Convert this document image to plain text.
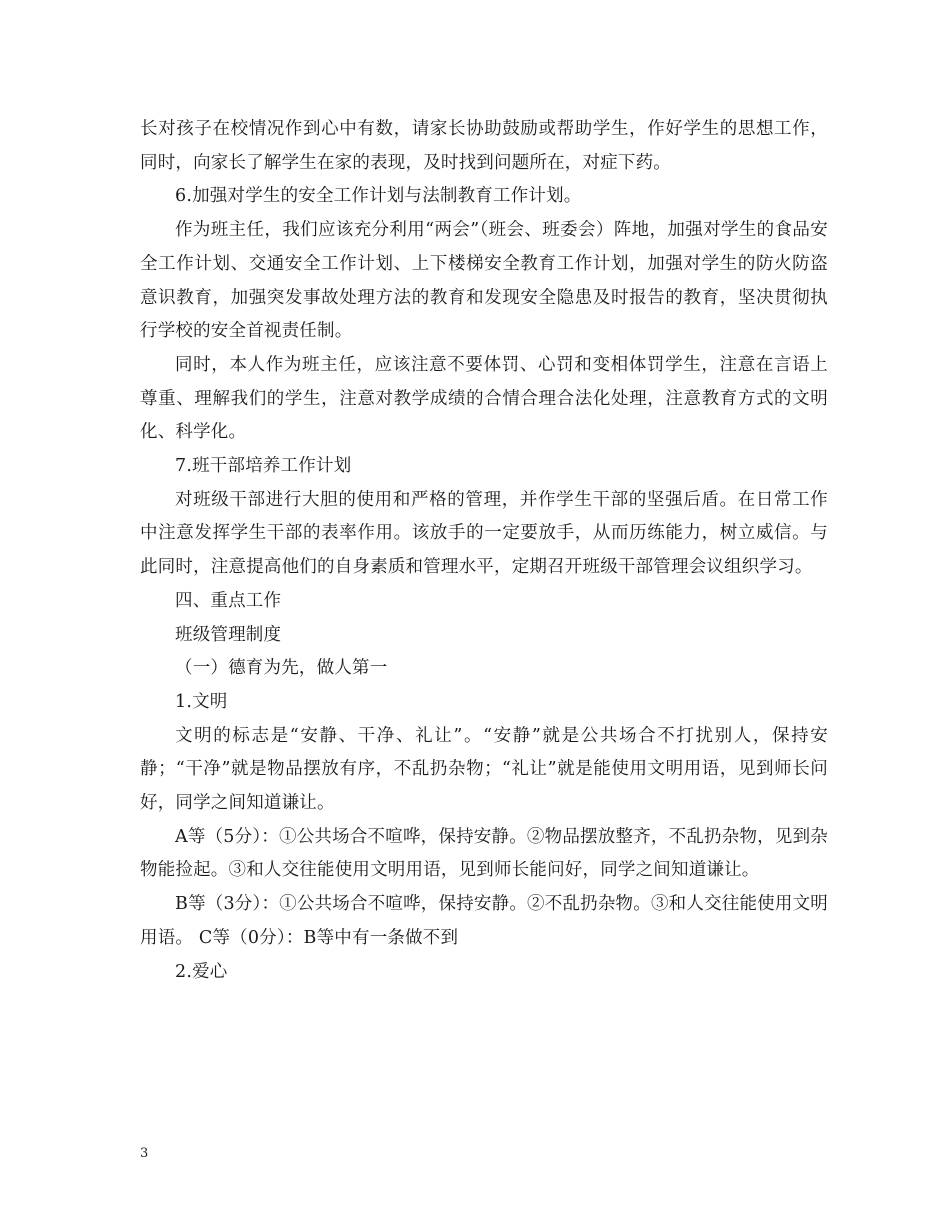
长对孩子在校情况作到心中有数，请家长协助鼓励或帮助学生，作好学生的思想工作，同时，向家长了解学生在家的表现，及时找到问题所在，对症下药。

6.加强对学生的安全工作计划与法制教育工作计划。

作为班主任，我们应该充分利用“两会”（班会、班委会）阵地，加强对学生的食品安全工作计划、交通安全工作计划、上下楼梯安全教育工作计划，加强对学生的防火防盗意识教育，加强突发事故处理方法的教育和发现安全隐患及时报告的教育，坚决贯彻执行学校的安全首视责任制。

同时，本人作为班主任，应该注意不要体罚、心罚和变相体罚学生，注意在言语上尊重、理解我们的学生，注意对教学成绩的合情合理合法化处理，注意教育方式的文明化、科学化。

7.班干部培养工作计划

对班级干部进行大胆的使用和严格的管理，并作学生干部的坚强后盾。在日常工作中注意发挥学生干部的表率作用。该放手的一定要放手，从而历练能力，树立威信。与此同时，注意提高他们的自身素质和管理水平，定期召开班级干部管理会议组织学习。

四、重点工作

班级管理制度

（一）德育为先，做人第一

1.文明

文明的标志是“安静、干净、礼让”。“安静”就是公共场合不打扰别人，保持安静；“干净”就是物品摆放有序，不乱扔杂物；“礼让”就是能使用文明用语，见到师长问好，同学之间知道谦让。

A等（5分）：①公共场合不喧哗，保持安静。②物品摆放整齐，不乱扔杂物，见到杂物能捡起。③和人交往能使用文明用语，见到师长能问好，同学之间知道谦让。

B等（3分）：①公共场合不喧哗，保持安静。②不乱扔杂物。③和人交往能使用文明用语。 C等（0分）：B等中有一条做不到

2.爱心

3
